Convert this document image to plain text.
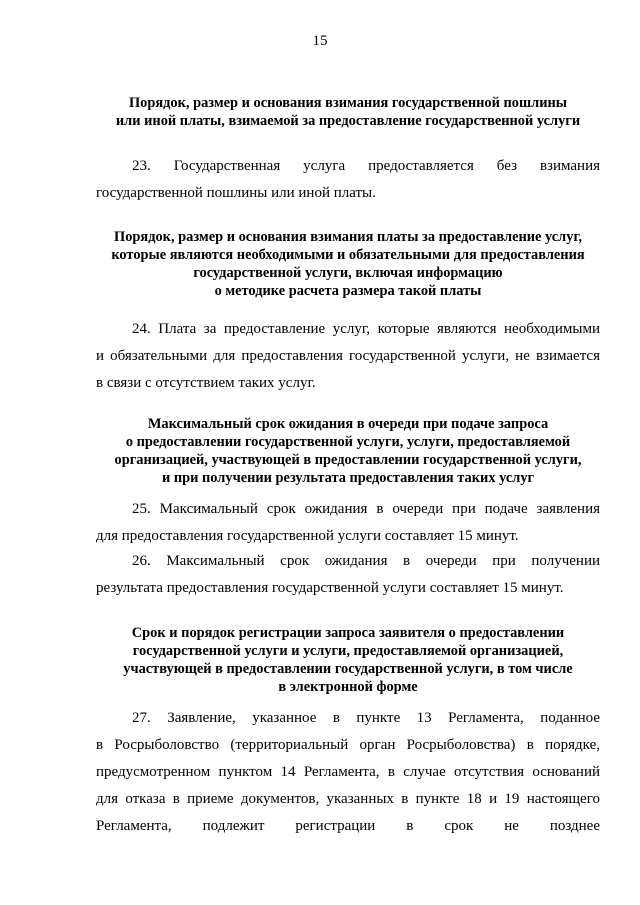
15
Порядок, размер и основания взимания государственной пошлины
или иной платы, взимаемой за предоставление государственной услуги
23. Государственная услуга предоставляется без взимания
государственной пошлины или иной платы.
Порядок, размер и основания взимания платы за предоставление услуг,
которые являются необходимыми и обязательными для предоставления
государственной услуги, включая информацию
о методике расчета размера такой платы
24. Плата за предоставление услуг, которые являются необходимыми
и обязательными для предоставления государственной услуги, не взимается
в связи с отсутствием таких услуг.
Максимальный срок ожидания в очереди при подаче запроса
о предоставлении государственной услуги, услуги, предоставляемой
организацией, участвующей в предоставлении государственной услуги,
и при получении результата предоставления таких услуг
25. Максимальный срок ожидания в очереди при подаче заявления
для предоставления государственной услуги составляет 15 минут.
26. Максимальный срок ожидания в очереди при получении
результата предоставления государственной услуги составляет 15 минут.
Срок и порядок регистрации запроса заявителя о предоставлении
государственной услуги и услуги, предоставляемой организацией,
участвующей в предоставлении государственной услуги, в том числе
в электронной форме
27. Заявление, указанное в пункте 13 Регламента, поданное
в Росрыболовство (территориальный орган Росрыболовства) в порядке,
предусмотренном пунктом 14 Регламента, в случае отсутствия оснований
для отказа в приеме документов, указанных в пункте 18 и 19 настоящего
Регламента, подлежит регистрации в срок не позднее
